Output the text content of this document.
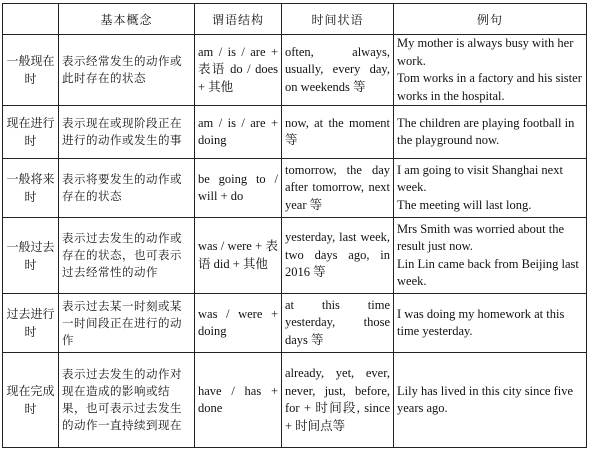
	基本概念	谓语结构	时间状语	例句
一般现在时	表示经常发生的动作或此时存在的状态	am / is / are + 表语 do / does + 其他	often, always, usually, every day, on weekends 等	My mother is always busy with her work.
Tom works in a factory and his sister works in the hospital.

现在进行时	表示现在或现阶段正在进行的动作或发生的事	am / is / are + doing	now, at the moment 等	The children are playing football in the playground now.

一般将来时	表示将要发生的动作或存在的状态	be going to / will + do	tomorrow, the day after tomorrow, next year 等	I am going to visit Shanghai next week.
The meeting will last long.

一般过去时	表示过去发生的动作或存在的状态，也可表示过去经常性的动作	was / were + 表语 did + 其他	yesterday, last week, two days ago, in 2016 等	Mrs Smith was worried about the result just now.
Lin Lin came back from Beijing last week.

过去进行时	表示过去某一时刻或某一时间段正在进行的动作	was / were + doing	at this time yesterday, those days 等	I was doing my homework at this time yesterday.

现在完成时	表示过去发生的动作对现在造成的影响或结果，也可表示过去发生的动作一直持续到现在	have / has + done	already, yet, ever, never, just, before, for + 时间段, since + 时间点等	Lily has lived in this city since five years ago.
